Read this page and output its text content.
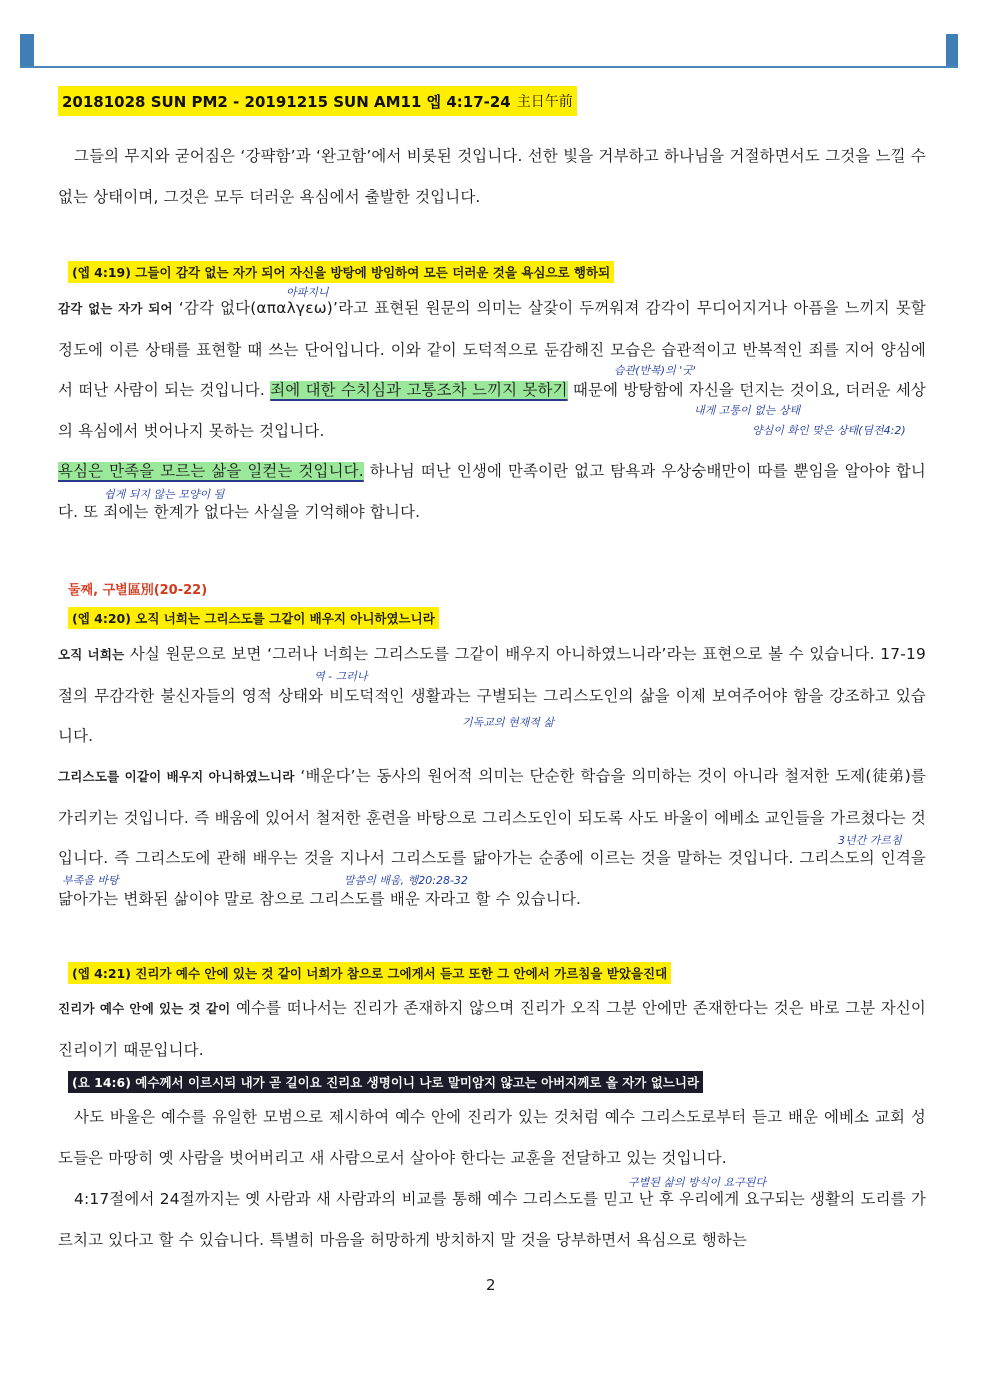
20181028 SUN PM2 - 20191215 SUN AM11 엡 4:17-24 主日午前

그들의 무지와 굳어짐은 ‘강퍅함’과 ‘완고함’에서 비롯된 것입니다. 선한 빛을 거부하고 하나님을 거절하면서도 그것을 느낄 수 없는 상태이며, 그것은 모두 더러운 욕심에서 출발한 것입니다.

(엡 4:19) 그들이 감각 없는 자가 되어 자신을 방탕에 방임하여 모든 더러운 것을 욕심으로 행하되

감각 없는 자가 되어 ‘감각 없다(απαλγεω)’라고 표현된 원문의 의미는 살갗이 두꺼워져 감각이 무디어지거나 아픔을 느끼지 못할 정도에 이른 상태를 표현할 때 쓰는 단어입니다. 이와 같이 도덕적으로 둔감해진 모습은 습관적이고 반복적인 죄를 지어 양심에서 떠난 사람이 되는 것입니다. 죄에 대한 수치심과 고통조차 느끼지 못하기 때문에 방탕함에 자신을 던지는 것이요, 더러운 세상의 욕심에서 벗어나지 못하는 것입니다.

욕심은 만족을 모르는 삶을 일컫는 것입니다. 하나님 떠난 인생에 만족이란 없고 탐욕과 우상숭배만이 따를 뿐임을 알아야 합니다. 또 죄에는 한계가 없다는 사실을 기억해야 합니다.

둘째, 구별區別(20-22)
(엡 4:20) 오직 너희는 그리스도를 그같이 배우지 아니하였느니라

오직 너희는 사실 원문으로 보면 ‘그러나 너희는 그리스도를 그같이 배우지 아니하였느니라’라는 표현으로 볼 수 있습니다. 17-19절의 무감각한 불신자들의 영적 상태와 비도덕적인 생활과는 구별되는 그리스도인의 삶을 이제 보여주어야 함을 강조하고 있습니다.

그리스도를 이같이 배우지 아니하였느니라 ‘배운다’는 동사의 원어적 의미는 단순한 학습을 의미하는 것이 아니라 철저한 도제(徒弟)를 가리키는 것입니다. 즉 배움에 있어서 철저한 훈련을 바탕으로 그리스도인이 되도록 사도 바울이 에베소 교인들을 가르쳤다는 것입니다. 즉 그리스도에 관해 배우는 것을 지나서 그리스도를 닮아가는 순종에 이르는 것을 말하는 것입니다. 그리스도의 인격을 닮아가는 변화된 삶이야 말로 참으로 그리스도를 배운 자라고 할 수 있습니다.

(엡 4:21) 진리가 예수 안에 있는 것 같이 너희가 참으로 그에게서 듣고 또한 그 안에서 가르침을 받았을진대

진리가 예수 안에 있는 것 같이 예수를 떠나서는 진리가 존재하지 않으며 진리가 오직 그분 안에만 존재한다는 것은 바로 그분 자신이 진리이기 때문입니다.

(요 14:6) 예수께서 이르시되 내가 곧 길이요 진리요 생명이니 나로 말미암지 않고는 아버지께로 올 자가 없느니라

사도 바울은 예수를 유일한 모범으로 제시하여 예수 안에 진리가 있는 것처럼 예수 그리스도로부터 듣고 배운 에베소 교회 성도들은 마땅히 옛 사람을 벗어버리고 새 사람으로서 살아야 한다는 교훈을 전달하고 있는 것입니다.

4:17절에서 24절까지는 옛 사람과 새 사람과의 비교를 통해 예수 그리스도를 믿고 난 후 우리에게 요구되는 생활의 도리를 가르치고 있다고 할 수 있습니다. 특별히 마음을 허망하게 방치하지 말 것을 당부하면서 욕심으로 행하는

아파지니
습관(반복)의 '굿'
내게 고통이 없는 상태
양심이 화인 맞은 상태(딤전4:2)
쉽게 되지 않는 모양이 됨
역 - 그러나
기독교의 현재적 삶
3년간 가르침
부족을 바탕	말씀의 배움, 행20:28-32
구별된 삶의 방식이 요구된다
2
